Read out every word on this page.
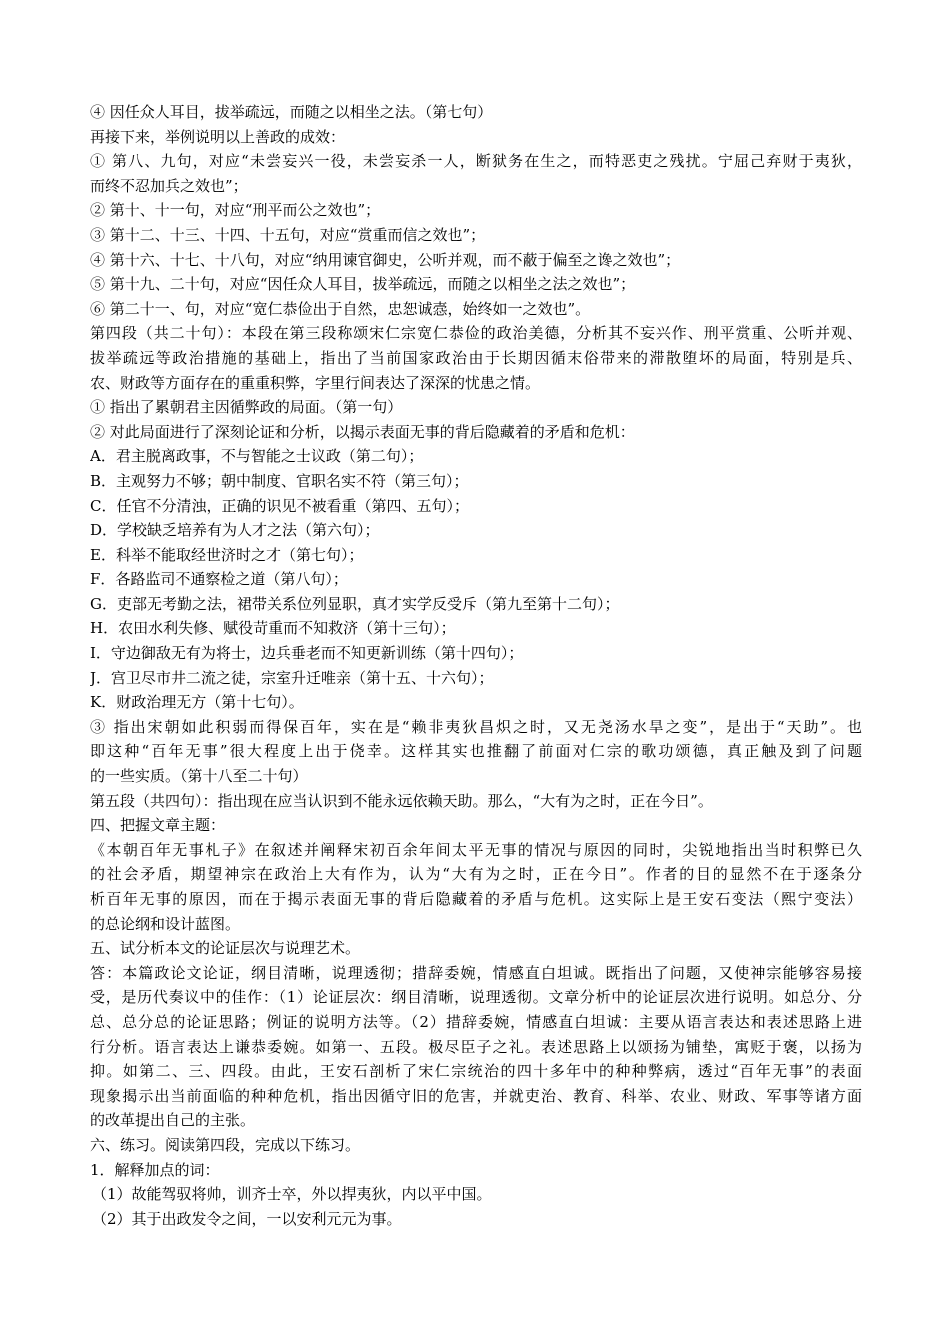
④ 因任众人耳目，拔举疏远，而随之以相坐之法。（第七句）
再接下来，举例说明以上善政的成效：
① 第八、九句，对应“未尝妄兴一役，未尝妄杀一人，断狱务在生之，而特恶吏之残扰。宁屈己弃财于夷狄，
而终不忍加兵之效也”；
② 第十、十一句，对应“刑平而公之效也”；
③ 第十二、十三、十四、十五句，对应“赏重而信之效也”；
④ 第十六、十七、十八句，对应“纳用谏官御史，公听并观，而不蔽于偏至之谗之效也”；
⑤ 第十九、二十句，对应“因任众人耳目，拔举疏远，而随之以相坐之法之效也”；
⑥ 第二十一、句，对应“宽仁恭俭出于自然，忠恕诚悫，始终如一之效也”。
第四段（共二十句）：本段在第三段称颂宋仁宗宽仁恭俭的政治美德，分析其不妄兴作、刑平赏重、公听并观、
拔举疏远等政治措施的基础上，指出了当前国家政治由于长期因循末俗带来的滞散堕坏的局面，特别是兵、
农、财政等方面存在的重重积弊，字里行间表达了深深的忧患之情。
① 指出了累朝君主因循弊政的局面。（第一句）
② 对此局面进行了深刻论证和分析，以揭示表面无事的背后隐藏着的矛盾和危机：
A．君主脱离政事，不与智能之士议政（第二句）；
B．主观努力不够；朝中制度、官职名实不符（第三句）；
C．任官不分清浊，正确的识见不被看重（第四、五句）；
D．学校缺乏培养有为人才之法（第六句）；
E．科举不能取经世济时之才（第七句）；
F．各路监司不通察检之道（第八句）；
G．吏部无考勤之法，裙带关系位列显职，真才实学反受斥（第九至第十二句）；
H．农田水利失修、赋役苛重而不知救济（第十三句）；
I．守边御敌无有为将士，边兵垂老而不知更新训练（第十四句）；
J．宫卫尽市井二流之徒，宗室升迁唯亲（第十五、十六句）；
K．财政治理无方（第十七句）。
③ 指出宋朝如此积弱而得保百年，实在是“赖非夷狄昌炽之时，又无尧汤水旱之变”，是出于“天助”。也
即这种“百年无事”很大程度上出于侥幸。这样其实也推翻了前面对仁宗的歌功颂德，真正触及到了问题
的一些实质。（第十八至二十句）
第五段（共四句）：指出现在应当认识到不能永远依赖天助。那么，“大有为之时，正在今日”。
四、把握文章主题：
《本朝百年无事札子》在叙述并阐释宋初百余年间太平无事的情况与原因的同时，尖锐地指出当时积弊已久
的社会矛盾，期望神宗在政治上大有作为，认为“大有为之时，正在今日”。作者的目的显然不在于逐条分
析百年无事的原因，而在于揭示表面无事的背后隐藏着的矛盾与危机。这实际上是王安石变法（熙宁变法）
的总论纲和设计蓝图。
五、试分析本文的论证层次与说理艺术。
答：本篇政论文论证，纲目清晰，说理透彻；措辞委婉，情感直白坦诚。既指出了问题，又使神宗能够容易接
受，是历代奏议中的佳作：（1）论证层次：纲目清晰，说理透彻。文章分析中的论证层次进行说明。如总分、分
总、总分总的论证思路；例证的说明方法等。（2）措辞委婉，情感直白坦诚：主要从语言表达和表述思路上进
行分析。语言表达上谦恭委婉。如第一、五段。极尽臣子之礼。表述思路上以颂扬为铺垫，寓贬于褒，以扬为
抑。如第二、三、四段。由此，王安石剖析了宋仁宗统治的四十多年中的种种弊病，透过“百年无事”的表面
现象揭示出当前面临的种种危机，指出因循守旧的危害，并就吏治、教育、科举、农业、财政、军事等诸方面
的改革提出自己的主张。
六、练习。阅读第四段，完成以下练习。
1．解释加点的词：
（1）故能驾驭将帅，训齐士卒，外以捍夷狄，内以平中国。
（2）其于出政发令之间，一以安利元元为事。
